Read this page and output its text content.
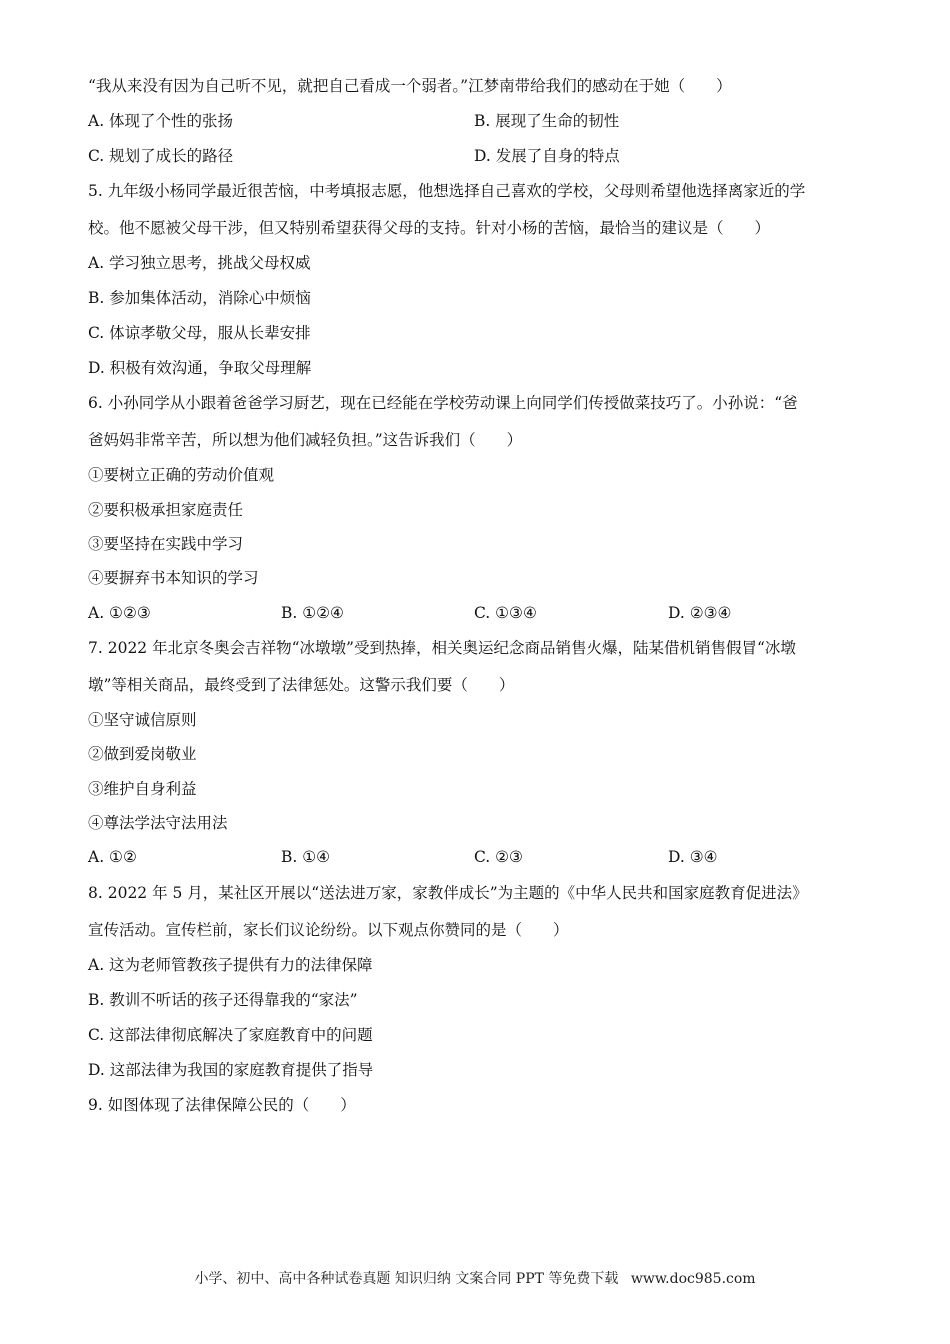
“我从来没有因为自己听不见，就把自己看成一个弱者。”江梦南带给我们的感动在于她（　　）
A. 体现了个性的张扬	B. 展现了生命的韧性
C. 规划了成长的路径	D. 发展了自身的特点
5. 九年级小杨同学最近很苦恼，中考填报志愿，他想选择自己喜欢的学校，父母则希望他选择离家近的学
校。他不愿被父母干涉，但又特别希望获得父母的支持。针对小杨的苦恼，最恰当的建议是（　　）
A. 学习独立思考，挑战父母权威
B. 参加集体活动，消除心中烦恼
C. 体谅孝敬父母，服从长辈安排
D. 积极有效沟通，争取父母理解
6. 小孙同学从小跟着爸爸学习厨艺，现在已经能在学校劳动课上向同学们传授做菜技巧了。小孙说：“爸
爸妈妈非常辛苦，所以想为他们减轻负担。”这告诉我们（　　）
①要树立正确的劳动价值观
②要积极承担家庭责任
③要坚持在实践中学习
④要摒弃书本知识的学习
A. ①②③	B. ①②④	C. ①③④	D. ②③④
7. 2022 年北京冬奥会吉祥物“冰墩墩”受到热捧，相关奥运纪念商品销售火爆，陆某借机销售假冒“冰墩
墩”等相关商品，最终受到了法律惩处。这警示我们要（　　）
①坚守诚信原则
②做到爱岗敬业
③维护自身利益
④尊法学法守法用法
A. ①②	B. ①④	C. ②③	D. ③④
8. 2022 年 5 月，某社区开展以“送法进万家，家教伴成长”为主题的《中华人民共和国家庭教育促进法》
宣传活动。宣传栏前，家长们议论纷纷。以下观点你赞同的是（　　）
A. 这为老师管教孩子提供有力的法律保障
B. 教训不听话的孩子还得靠我的“家法”
C. 这部法律彻底解决了家庭教育中的问题
D. 这部法律为我国的家庭教育提供了指导
9. 如图体现了法律保障公民的（　　）
小学、初中、高中各种试卷真题 知识归纳 文案合同 PPT 等免费下载 www.doc985.com
